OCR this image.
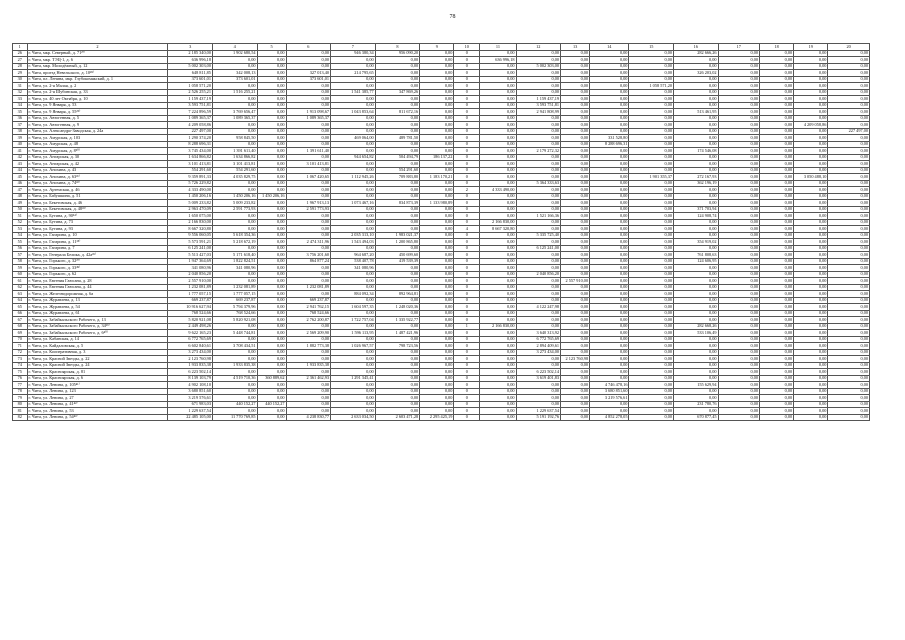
78
1	2	3	4	5	6	7	8	9	10	11	12	13	14	15	16	17	18	19	20
26	г. Чита, мкр. Северный, д. 71²⁷⁾	2 185 340,00	1 902 680,54	0,00	0,00	946 380,34	956 090,20	0,00	0	0,00	0,00	0,00	0,00	0,00	282 666,26	0,00	0,00	0,00	0,00
27	г. Чита, мкр. ТЭЦ-1, д. 6	636 996,18	0,00	0,00	0,00	0,00	0,00	0,00	0	636 996,18	0,00	0,00	0,00	0,00	0,00	0,00	0,00	0,00	0,00
28	г. Чита, мкр. Молодёжный, д. 12	5 002 303,00	0,00	0,00	0,00	0,00	0,00	0,00	0	0,00	5 002 303,00	0,00	0,00	0,00	0,00	0,00	0,00	0,00	0,00
29	г. Чита, проезд Невельского, д. 10²⁸⁾	648 811,85	342 008,13	0,00	327 013,40	214 795,65	0,00	0,00	0	0,00	0,00	0,00	0,00	0,00	326 203,02	0,00	0,00	0,00	0,00
30	г. Чита, пл. Ленина, мкр. Глубокомякский, д. 1	373 601,01	373 601,01	0,00	373 601,01	0,00	0,00	0,00	0	0,00	0,00	0,00	0,00	0,00	0,00	0,00	0,00	0,00	0,00
31	г. Чита, ул. 2-я Малая, д. 2	1 058 571,20	0,00	0,00	0,00	0,00	0,00	0,00	0	0,00	0,00	0,00	0,00	1 058 571,20	0,00	0,00	0,00	0,00	0,00
32	г. Чита, ул. 2-я Шубинская, д. 33	2 526 255,21	1 516 255,21	0,00	0,00	1 541 385,77	347 869,26	0,00	0	0,00	0,00	0,00	0,00	0,00	0,00	0,00	0,00	0,00	0,00
33	г. Чита, ул. 40 лет Октября, д. 10	1 159 437,19	0,00	0,00	0,00	0,00	0,00	0,00	0	0,00	1 159 437,19	0,00	0,00	0,00	0,00	0,00	0,00	0,00	0,00
34	г. Чита, ул. 9 Января, д. 53	3 593 751,81	0,00	0,00	0,00	0,00	0,00	0,00	0	0,00	3 593 751,81	0,00	0,00	0,00	0,00	0,00	0,00	0,00	0,00
35	г. Чита, ул. 9 Января, д. 55²⁹⁾	7 224 896,59	3 769 656,47	0,00	1 913 098,67	1 043 853,64	811 672,16	0,00	0	0,00	2 941 808,99	0,00	0,00	0,00	513 461,95	0,00	0,00	0,00	0,00
36	г. Чита, ул. Автогенная, д. 5	1 089 365,37	1 089 365,37	0,00	1 089 365,37	0,00	0,00	0,00	0	0,00	0,00	0,00	0,00	0,00	0,00	0,00	0,00	0,00	0,00
37	г. Чита, ул. Автогенная, д. 9	4 209 058,86	0,00	0,00	0,00	0,00	0,00	0,00	0	0,00	0,00	0,00	0,00	0,00	0,00	0,00	0,00	4 209 058,86	0,00
38	г. Чита, ул. Александро-Заводская, д. 24а	227 497,00	0,00	0,00	0,00	0,00	0,00	0,00	0	0,00	0,00	0,00	0,00	0,00	0,00	0,00	0,00	0,00	227 497,00
39	г. Чита, ул. Амурская, д. 103	1 290 374,20	958 845,50	0,00	0,00	469 064,00	489 781,50	0,00	0	0,00	0,00	0,00	331 528,80	0,00	0,00	0,00	0,00	0,00	0,00
40	г. Чита, ул. Амурская, д. 48	8 288 696,31	0,00	0,00	0,00	0,00	0,00	0,00	0	0,00	0,00	0,00	8 288 696,31	0,00	0,00	0,00	0,00	0,00	0,00
41	г. Чита, ул. Амурская, д. 8³⁰⁾	3 745 434,00	1 391 611,40	0,00	1 391 611,40	0,00	0,00	0,00	0	0,00	2 179 272,32	0,00	0,00	0,00	174 546,08	0,00	0,00	0,00	0,00
42	г. Чита, ул. Ангарская, д. 30	1 634 866,82	1 634 866,82	0,00	0,00	944 654,82	504 494,79	186 137,22	0	0,00	0,00	0,00	0,00	0,00	0,00	0,00	0,00	0,00	0,00
43	г. Чита, ул. Ангарская, д. 42	3 101 413,81	3 101 413,81	0,00	3 101 413,81	0,00	0,00	0,00	0	0,00	0,00	0,00	0,00	0,00	0,00	0,00	0,00	0,00	0,00
44	г. Чита, ул. Анохина, д. 43	554 291,60	554 291,60	0,00	0,00	0,00	554 291,60	0,00	0	0,00	0,00	0,00	0,00	0,00	0,00	0,00	0,00	0,00	0,00
45	г. Чита, ул. Анохина, д. 63³¹⁾	9 359 891,33	4 035 829,75	0,00	1 067 420,65	1 112 945,26	709 883,80	1 183 170,21	0	0,00	0,00	0,00	0,00	1 901 355,37	272 167,93	0,00	0,00	3 050 488,10	0,00
46	г. Чита, ул. Анохина, д. 74³²⁾	5 726 229,82	0,00	0,00	0,00	0,00	0,00	0,00	0	0,00	5 364 333,63	0,00	0,00	0,00	362 196,19	0,00	0,00	0,00	0,00
47	г. Чита, ул. Артемская, д. 46	4 333 490,00	0,00	0,00	0,00	0,00	0,00	0,00	2	4 333 490,00	0,00	0,00	0,00	0,00	0,00	0,00	0,00	0,00	0,00
48	г. Чита, ул. Бабушкина, д. 51	1 450 206,16	1 450 206,16	1 450 206,16	0,00	0,00	0,00	0,00	0	0,00	0,00	0,00	0,00	0,00	0,00	0,00	0,00	0,00	0,00
49	г. Чита, ул. Бекетовская, д. 46	5 009 233,82	5 009 233,82	0,00	1 967 913,13	1 073 467,16	834 873,39	1 133 980,89	0	0,00	0,00	0,00	0,00	0,00	0,00	0,00	0,00	0,00	0,00
50	г. Чита, ул. Бекетовская, д. 48³³⁾	2 963 470,09	2 591 773,93	0,00	2 591 773,93	0,00	0,00	0,00	0	0,00	0,00	0,00	0,00	0,00	371 703,94	0,00	0,00	0,00	0,00
51	г. Чита, ул. Бутина, д. 90³⁴⁾	1 650 075,00	0,00	0,00	0,00	0,00	0,00	0,00	0	0,00	1 521 166,36	0,00	0,00	0,00	124 908,74	0,00	0,00	0,00	0,00
52	г. Чита, ул. Бутина, д. 73	2 166 830,00	0,00	0,00	0,00	0,00	0,00	0,00	0	2 166 830,00	0,00	0,00	0,00	0,00	0,00	0,00	0,00	0,00	0,00
53	г. Чита, ул. Бутина, д. 93	8 667 320,80	0,00	0,00	0,00	0,00	0,00	0,00	4	8 667 320,80	0,00	0,00	0,00	0,00	0,00	0,00	0,00	0,00	0,00
54	г. Чита, ул. Гагарина, д. 10	9 556 060,05	5 618 354,36	0,00	0,00	2 035 313,10	1 983 021,37	0,00	0	0,00	5 335 725,40	0,00	0,00	0,00	0,00	0,00	0,00	0,00	0,00
55	г. Чита, ул. Гагарина, д. 11³⁵⁾	5 573 591,21	5 218 672,19	0,00	2 474 311,96	1 543 494,03	1 200 865,80	0,00	0	0,00	0,00	0,00	0,00	0,00	354 919,02	0,00	0,00	0,00	0,00
56	г. Чита, ул. Гагарина, д. 7	6 125 241,00	0,00	0,00	0,00	0,00	0,00	0,00	0	0,00	6 125 241,00	0,00	0,00	0,00	0,00	0,00	0,00	0,00	0,00
57	г. Чита, ул. Генерала Белика, д. 42а³⁶⁾	5 513 427,03	5 171 618,40	0,00	3 756 201,60	964 687,20	450 699,60	0,00	0	0,00	0,00	0,00	0,00	0,00	761 808,63	0,00	0,00	0,00	0,00
58	г. Чита, ул. Горького, д. 32³⁷⁾	1 947 364,69	1 822 824,51	0,00	864 877,24	538 407,78	419 539,39	0,00	0	0,00	0,00	0,00	0,00	0,00	124 606,95	0,00	0,00	0,00	0,00
59	г. Чита, ул. Горького, д. 33³⁸⁾	341 080,96	341 080,96	0,00	0,00	341 080,96	0,00	0,00	0	0,00	0,00	0,00	0,00	0,00	0,00	0,00	0,00	0,00	0,00
60	г. Чита, ул. Горького, д. 62	2 040 856,20	0,00	0,00	0,00	0,00	0,00	0,00	0	0,00	2 040 856,20	0,00	0,00	0,00	0,00	0,00	0,00	0,00	0,00
61	г. Чита, ул. Евгения Гаюсана, д. 28	2 557 910,00	0,00	0,00	0,00	0,00	0,00	0,00	0	0,00	0,00	2 557 910,00	0,00	0,00	0,00	0,00	0,00	0,00	0,00
62	г. Чита, ул. Евгения Гаюсана, д. 44	1 232 081,89	1 232 081,89	0,00	1 232 081,89	0,00	0,00	0,00	0	0,00	0,00	0,00	0,00	0,00	0,00	0,00	0,00	0,00	0,00
63	г. Чита, ул. Железнодорожная, д. 6а	1 777 057,15	1 777 057,15	0,00	0,00	884 092,34	892 964,81	0,00	0	0,00	0,00	0,00	0,00	0,00	0,00	0,00	0,00	0,00	0,00
64	г. Чита, ул. Журавлева, д. 13	669 237,87	669 237,87	0,00	669 237,87	0,00	0,00	0,00	0	0,00	0,00	0,00	0,00	0,00	0,00	0,00	0,00	0,00	0,00
65	г. Чита, ул. Журавлева, д. 54	10 916 627,94	5 794 379,96	0,00	2 941 762,15	1 604 597,35	1 248 020,36	0,00	0	0,00	4 122 247,98	0,00	0,00	0,00	0,00	0,00	0,00	0,00	0,00
66	г. Чита, ул. Журавлева, д. 61	768 524,66	768 524,66	0,00	768 524,66	0,00	0,00	0,00	0	0,00	0,00	0,00	0,00	0,00	0,00	0,00	0,00	0,00	0,00
67	г. Чита, ул. Забайкальского Рабочего, д. 13	5 820 921,08	5 820 921,08	0,00	2 762 200,87	1 722 757,04	1 335 922,77	0,00	0	0,00	0,00	0,00	0,00	0,00	0,00	0,00	0,00	0,00	0,00
68	г. Чита, ул. Забайкальского Рабочего, д. 34³⁹⁾	2 449 498,26	0,00	0,00	0,00	0,00	0,00	0,00	1	2 166 830,00	0,00	0,00	0,00	0,00	282 668,26	0,00	0,00	0,00	0,00
69	г. Чита, ул. Забайкальского Рабочего, д. 6⁴⁰⁾	9 622 165,23	5 448 744,81	0,00	2 569 209,90	1 596 113,95	1 487 421,96	0,00	0	0,00	3 640 313,92	0,00	0,00	0,00	533 106,49	0,00	0,00	0,00	0,00
70	г. Чита, ул. Кабанская, д. 14	6 772 765,69	0,00	0,00	0,00	0,00	0,00	0,00	0	0,00	6 772 765,69	0,00	0,00	0,00	0,00	0,00	0,00	0,00	0,00
71	г. Чита, ул. Кайдаловская, д. 5	6 602 840,61	3 708 434,51	0,00	1 882 773,38	1 026 967,57	798 723,56	0,00	0	0,00	2 894 409,61	0,00	0,00	0,00	0,00	0,00	0,00	0,00	0,00
72	г. Чита, ул. Кооперативная, д. 3	3 273 434,00	0,00	0,00	0,00	0,00	0,00	0,00	0	0,00	3 273 434,00	0,00	0,00	0,00	0,00	0,00	0,00	0,00	0,00
73	г. Чита, ул. Красной Звезды, д. 22	2 123 760,98	0,00	0,00	0,00	0,00	0,00	0,00	0	0,00	0,00	2 123 760,98	0,00	0,00	0,00	0,00	0,00	0,00	0,00
74	г. Чита, ул. Красной Звезды, д. 24	1 933 835,38	1 933 835,38	0,00	1 933 835,38	0,00	0,00	0,00	0	0,00	0,00	0,00	0,00	0,00	0,00	0,00	0,00	0,00	0,00
75	г. Чита, ул. Красноярская, д. 81	6 223 502,14	0,00	0,00	0,00	0,00	0,00	0,00	0	0,00	6 223 502,14	0,00	0,00	0,00	0,00	0,00	0,00	0,00	0,00
76	г. Чита, ул. Красноярская, д. 6	8 139 103,79	4 519 710,36	360 889,62	2 361 462,93	1 291 345,41	0,00	0,00	0	0,00	3 619 401,83	0,00	0,00	0,00	0,00	0,00	0,00	0,00	0,00
77	г. Чита, ул. Ленина, д. 105⁴¹⁾	4 902 108,10	0,00	0,00	0,00	0,00	0,00	0,00	0	0,00	0,00	0,00	4 746 478,16	0,00	155 629,94	0,00	0,00	0,00	0,00
78	г. Чита, ул. Ленина, д. 123	3 680 851,60	0,00	0,00	0,00	0,00	0,00	0,00	0	0,00	0,00	0,00	3 680 851,60	0,00	0,00	0,00	0,00	0,00	0,00
79	г. Чита, ул. Ленина, д. 27	3 219 576,61	0,00	0,00	0,00	0,00	0,00	0,00	0	0,00	0,00	0,00	3 219 576,61	0,00	0,00	0,00	0,00	0,00	0,00
80	г. Чита, ул. Ленина, д. 41⁴²⁾	671 983,03	440 152,27	440 152,27	0,00	0,00	0,00	0,00	0	0,00	0,00	0,00	0,00	0,00	231 780,76	0,00	0,00	0,00	0,00
81	г. Чита, ул. Ленина, д. 53	1 229 637,54	0,00	0,00	0,00	0,00	0,00	0,00	0	0,00	1 229 637,54	0,00	0,00	0,00	0,00	0,00	0,00	0,00	0,00
82	г. Чита, ул. Ленина, д. 54⁴³⁾	22 485 105,00	11 770 769,85	0,00	4 238 830,77	2 633 034,50	2 603 471,28	2 295 425,19	0	0,00	5 191 192,76	0,00	4 852 278,05	0,00	670 877,45	0,00	0,00	0,00	0,00
